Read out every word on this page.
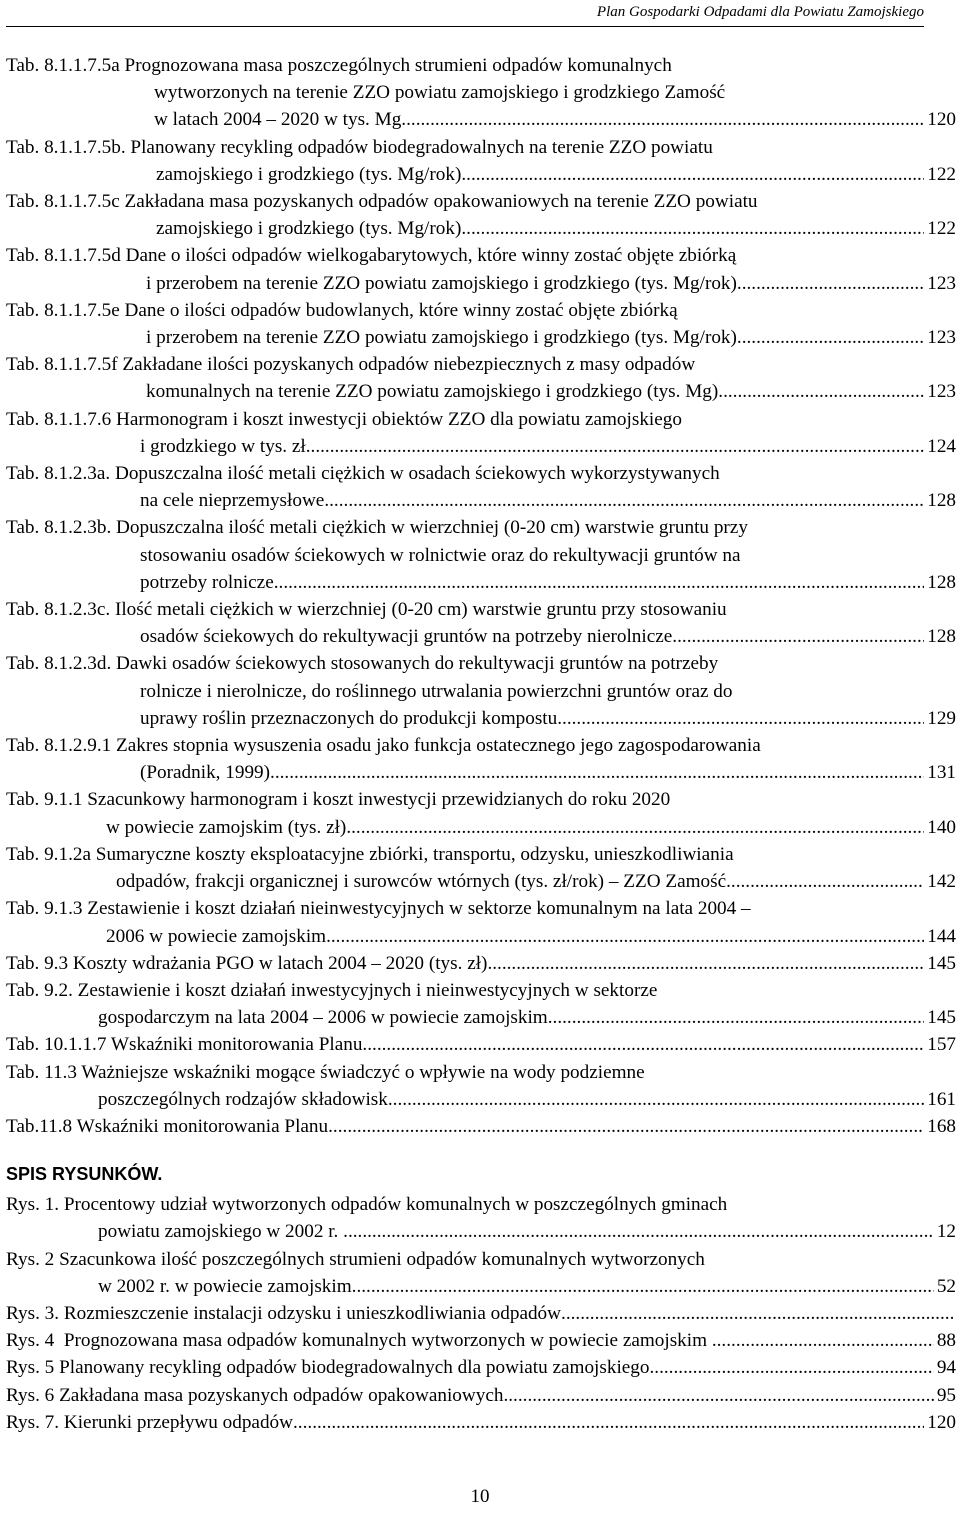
Plan Gospodarki Odpadami dla Powiatu Zamojskiego
Tab. 8.1.1.7.5a Prognozowana masa poszczególnych strumieni odpadów komunalnych
wytworzonych na terenie ZZO powiatu zamojskiego i grodzkiego Zamość
w latach 2004 – 2020 w tys. Mg .....	120
Tab. 8.1.1.7.5b. Planowany recykling odpadów biodegradowalnych na terenie ZZO powiatu
zamojskiego i grodzkiego (tys. Mg/rok) .....	122
Tab. 8.1.1.7.5c Zakładana masa pozyskanych odpadów opakowaniowych na terenie ZZO powiatu
zamojskiego i grodzkiego (tys. Mg/rok) .....	122
Tab. 8.1.1.7.5d Dane o ilości odpadów wielkogabarytowych, które winny zostać objęte zbiórką
i przerobem na terenie ZZO powiatu zamojskiego i grodzkiego (tys. Mg/rok) .....	123
Tab. 8.1.1.7.5e Dane o ilości odpadów budowlanych, które winny zostać objęte zbiórką
i przerobem na terenie ZZO powiatu zamojskiego i grodzkiego (tys. Mg/rok) .....	123
Tab. 8.1.1.7.5f Zakładane ilości pozyskanych odpadów niebezpiecznych z masy odpadów
komunalnych na terenie ZZO powiatu zamojskiego i grodzkiego (tys. Mg) .....	123
Tab. 8.1.1.7.6 Harmonogram i koszt inwestycji obiektów ZZO dla powiatu zamojskiego
i grodzkiego w tys. zł .....	124
Tab. 8.1.2.3a. Dopuszczalna ilość metali ciężkich w osadach ściekowych wykorzystywanych
na cele nieprzemysłowe .....	128
Tab. 8.1.2.3b. Dopuszczalna ilość metali ciężkich w wierzchniej (0-20 cm) warstwie gruntu przy
stosowaniu osadów ściekowych w rolnictwie oraz do rekultywacji gruntów na
potrzeby rolnicze .....	128
Tab. 8.1.2.3c. Ilość metali ciężkich w wierzchniej (0-20 cm) warstwie gruntu przy stosowaniu
osadów ściekowych do rekultywacji gruntów na potrzeby nierolnicze .....	128
Tab. 8.1.2.3d. Dawki osadów ściekowych stosowanych do rekultywacji gruntów na potrzeby
rolnicze i nierolnicze, do roślinnego utrwalania powierzchni gruntów oraz do
uprawy roślin przeznaczonych do produkcji kompostu .....	129
Tab. 8.1.2.9.1 Zakres stopnia wysuszenia osadu jako funkcja ostatecznego jego zagospodarowania
(Poradnik, 1999) .....	131
Tab. 9.1.1 Szacunkowy harmonogram i koszt inwestycji przewidzianych do roku 2020
w powiecie zamojskim (tys. zł) .....	140
Tab. 9.1.2a Sumaryczne koszty eksploatacyjne zbiórki, transportu, odzysku, unieszkodliwiania
odpadów, frakcji organicznej i surowców wtórnych (tys. zł/rok) – ZZO Zamość .....	142
Tab. 9.1.3 Zestawienie i koszt działań nieinwestycyjnych w sektorze komunalnym na lata 2004 –
2006 w powiecie zamojskim .....	144
Tab. 9.3 Koszty wdrażania PGO w latach 2004 – 2020 (tys. zł) .....	145
Tab. 9.2. Zestawienie i koszt działań inwestycyjnych i nieinwestycyjnych w sektorze
gospodarczym na lata 2004 – 2006 w powiecie zamojskim .....	145
Tab. 10.1.1.7 Wskaźniki monitorowania Planu .....	157
Tab. 11.3 Ważniejsze wskaźniki mogące świadczyć o wpływie na wody podziemne
poszczególnych rodzajów składowisk .....	161
Tab.11.8 Wskaźniki monitorowania Planu .....	168
SPIS RYSUNKÓW.
Rys. 1. Procentowy udział wytworzonych odpadów komunalnych w poszczególnych gminach
powiatu zamojskiego w 2002 r. .....	12
Rys. 2 Szacunkowa ilość poszczególnych strumieni odpadów komunalnych wytworzonych
w 2002 r. w powiecie zamojskim .....	52
Rys. 3. Rozmieszczenie instalacji odzysku i unieszkodliwiania odpadów
.....
Rys. 4  Prognozowana masa odpadów komunalnych wytworzonych w powiecie zamojskim .....	88
Rys. 5 Planowany recykling odpadów biodegradowalnych dla powiatu zamojskiego .....	94
Rys. 6 Zakładana masa pozyskanych odpadów opakowaniowych .....	95
Rys. 7. Kierunki przepływu odpadów .....	120
10
